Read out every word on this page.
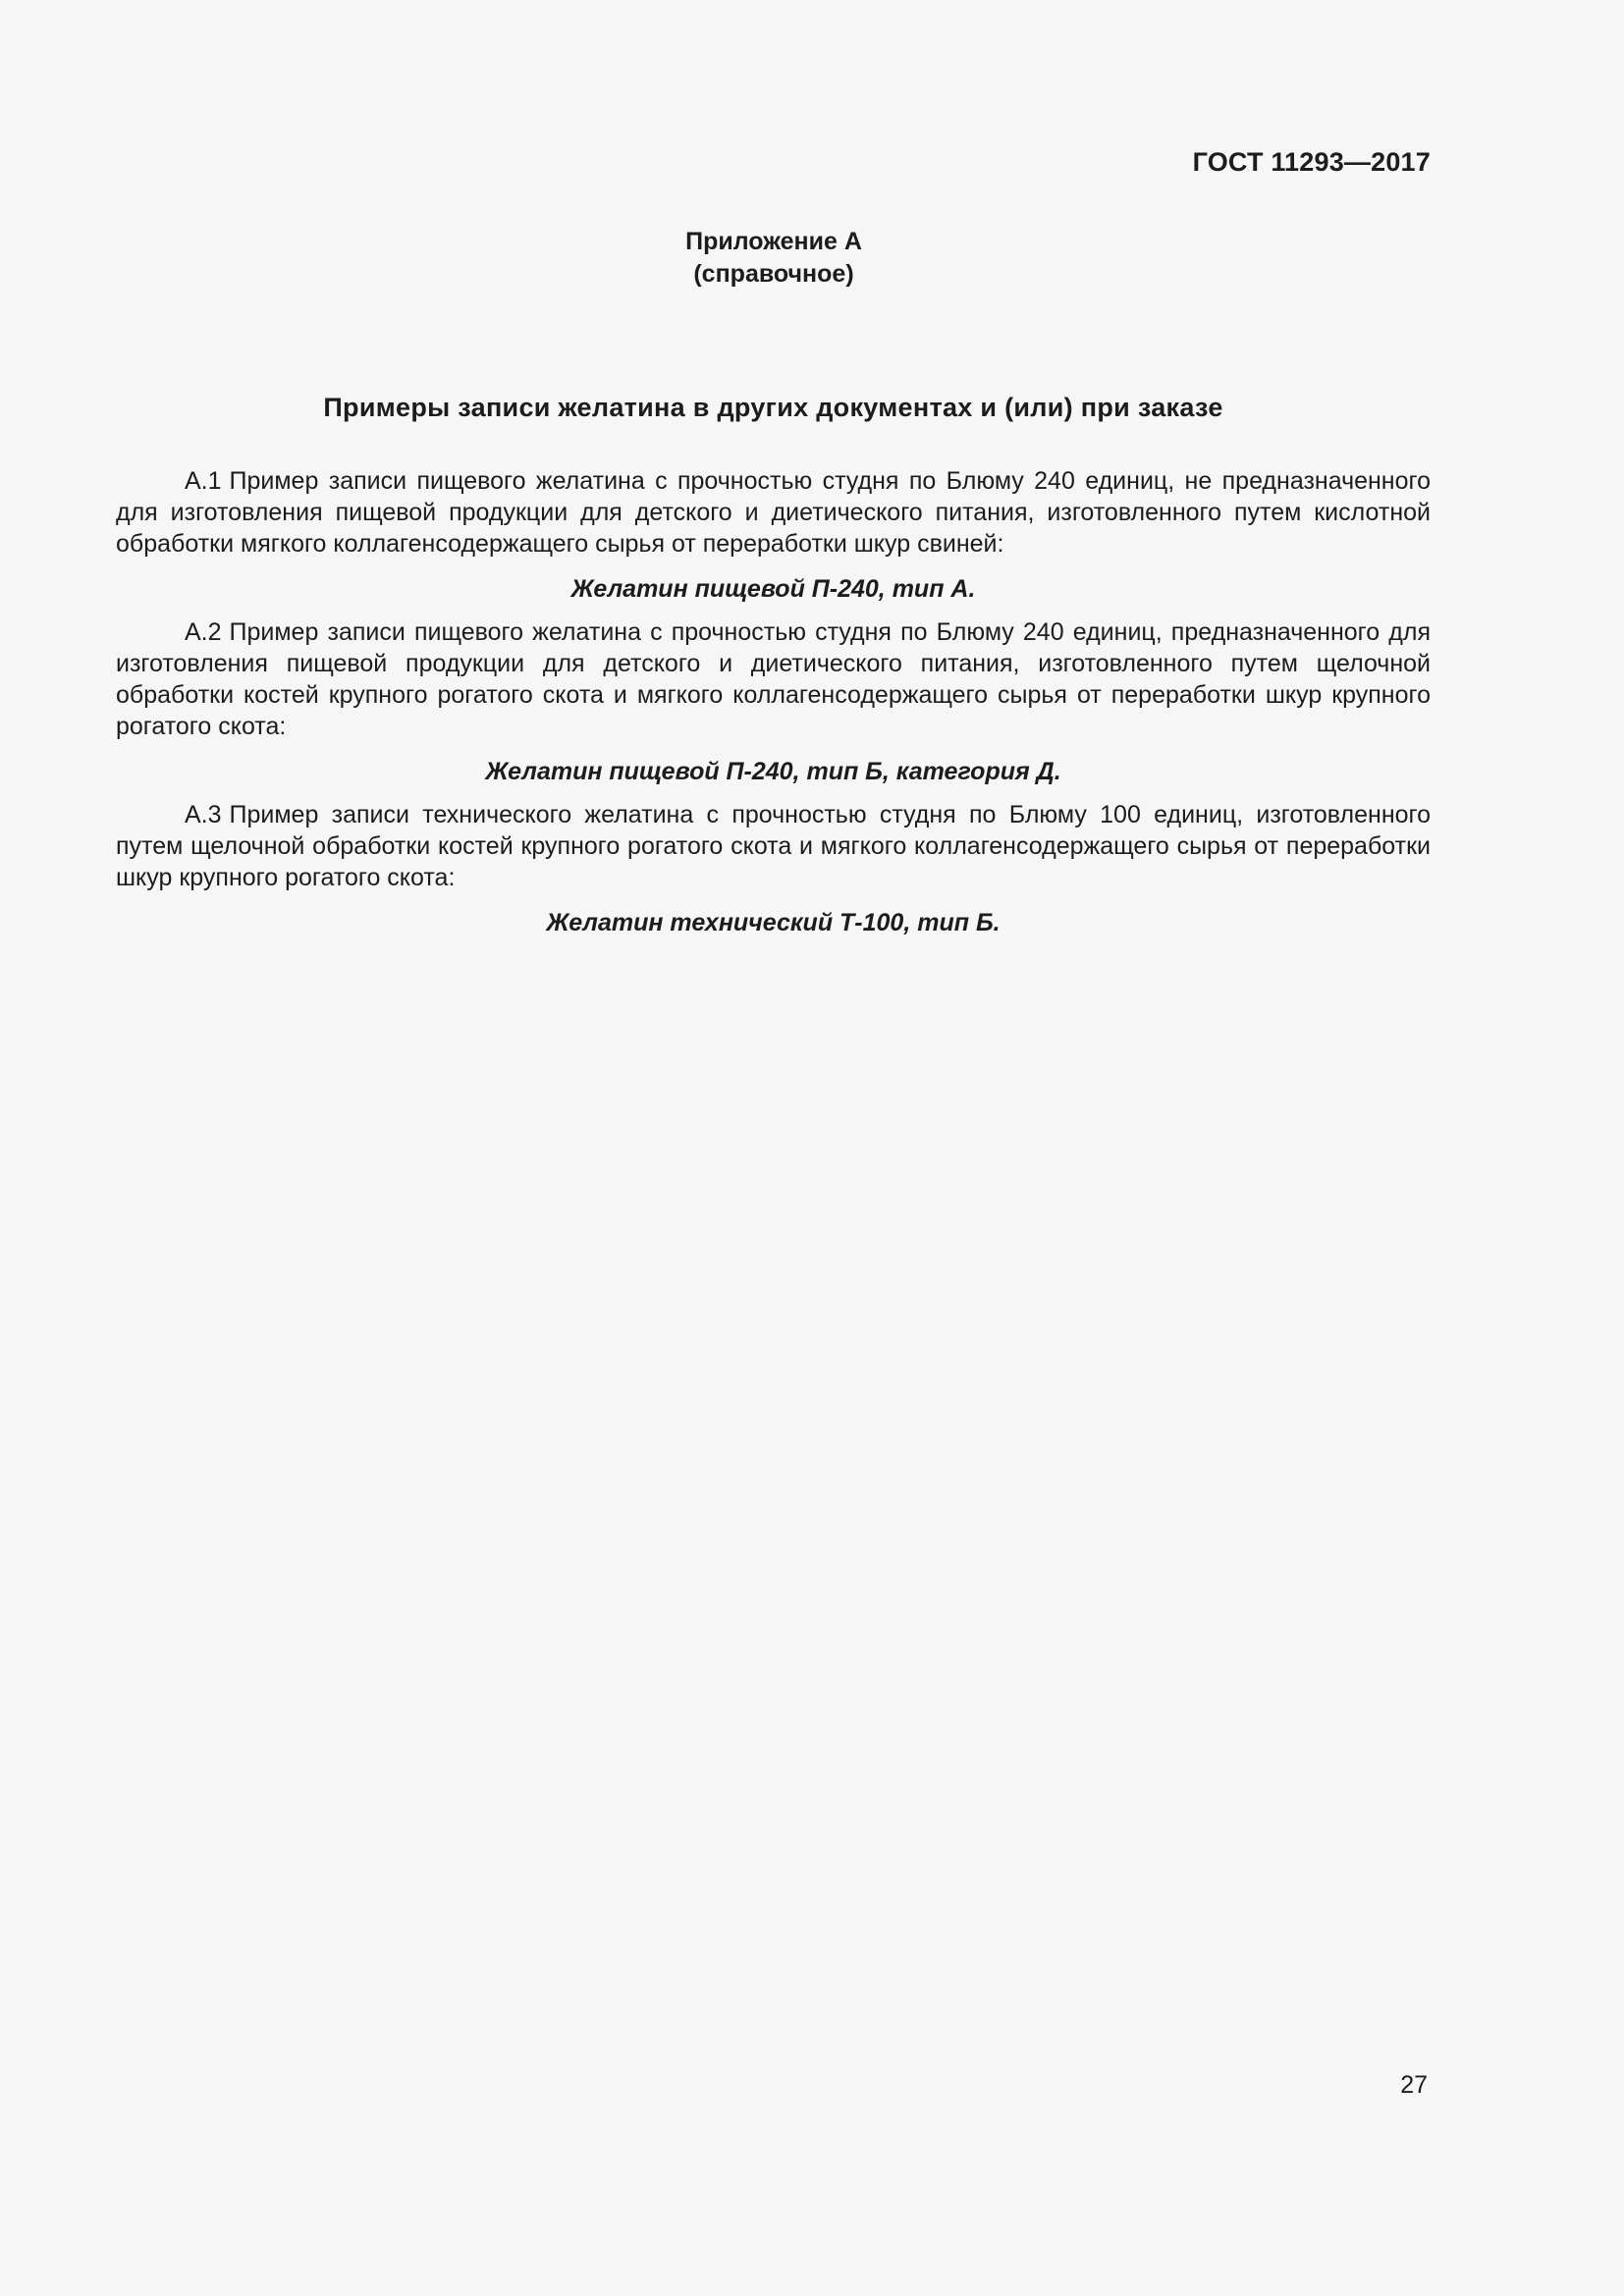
ГОСТ 11293—2017
Приложение А
(справочное)
Примеры записи желатина в других документах и (или) при заказе

А.1 Пример записи пищевого желатина с прочностью студня по Блюму 240 единиц, не предназначенного для изготовления пищевой продукции для детского и диетического питания, изготовленного путем кислотной обработки мягкого коллагенсодержащего сырья от переработки шкур свиней:

Желатин пищевой П-240, тип А.

А.2 Пример записи пищевого желатина с прочностью студня по Блюму 240 единиц, предназначенного для изготовления пищевой продукции для детского и диетического питания, изготовленного путем щелочной обработки костей крупного рогатого скота и мягкого коллагенсодержащего сырья от переработки шкур крупного рогатого скота:

Желатин пищевой П-240, тип Б, категория Д.

А.3 Пример записи технического желатина с прочностью студня по Блюму 100 единиц, изготовленного путем щелочной обработки костей крупного рогатого скота и мягкого коллагенсодержащего сырья от переработки шкур крупного рогатого скота:

Желатин технический Т-100, тип Б.
27
